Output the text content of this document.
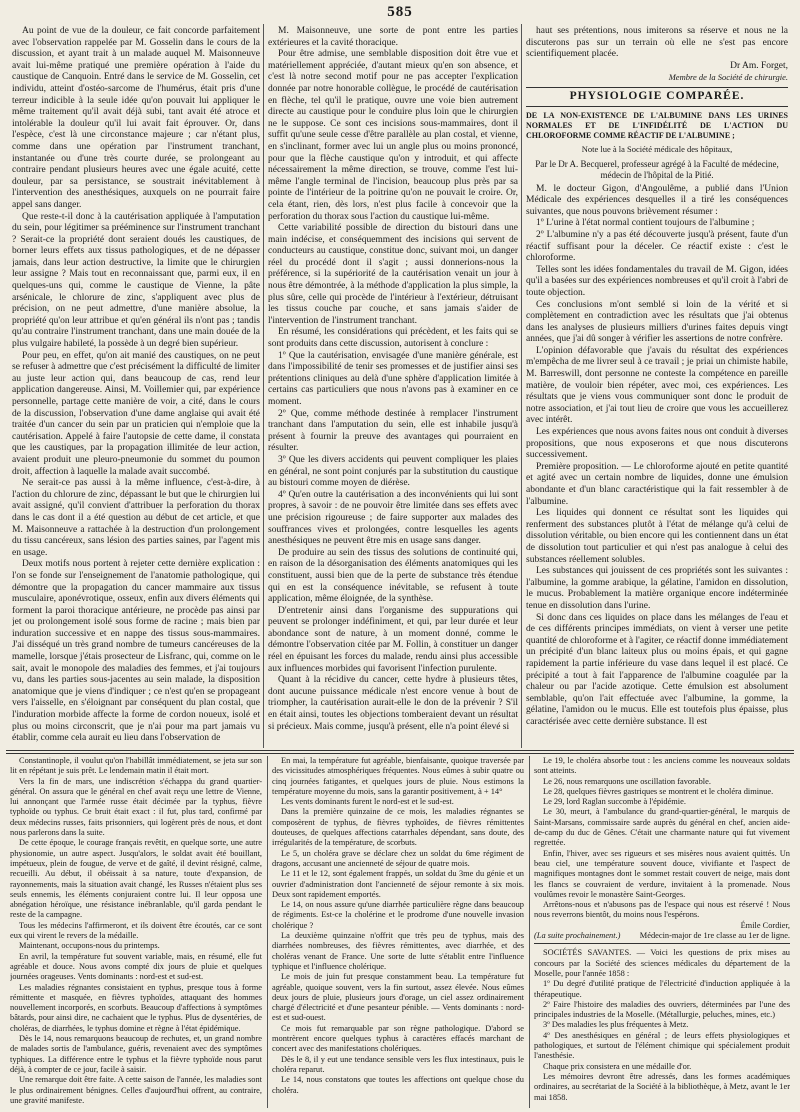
585

Au point de vue de la douleur, ce fait concorde parfaitement avec l'observation rappelée par M. Gosselin dans le cours de la discussion, et ayant trait à un malade auquel M. Maisonneuve avait lui-même pratiqué une première opération à l'aide du caustique de Canquoin. Entré dans le service de M. Gosselin, cet individu, atteint d'ostéo-sarcome de l'humérus, était pris d'une terreur indicible à la seule idée qu'on pouvait lui appliquer le même traitement qu'il avait déjà subi, tant avait été atroce et intolérable la douleur qu'il lui avait fait éprouver. Or, dans l'espèce, c'est là une circonstance majeure ; car n'étant plus, comme dans une opération par l'instrument tranchant, instantanée ou d'une très courte durée, se prolongeant au contraire pendant plusieurs heures avec une égale acuité, cette douleur, par sa persistance, se soustrait inévitablement à l'intervention des anesthésiques, auxquels on ne pourrait faire appel sans danger.

Que reste-t-il donc à la cautérisation appliquée à l'amputation du sein, pour légitimer sa prééminence sur l'instrument tranchant ? Serait-ce la propriété dont seraient doués les caustiques, de borner leurs effets aux tissus pathologiques, et de ne dépasser jamais, dans leur action destructive, la limite que le chirurgien leur assigne ? Mais tout en reconnaissant que, parmi eux, il en quelques-uns qui, comme le caustique de Vienne, la pâte arsénicale, le chlorure de zinc, s'appliquent avec plus de précision, on ne peut admettre, d'une manière absolue, la propriété qu'on leur attribue et qu'en général ils n'ont pas ; tandis qu'au contraire l'instrument tranchant, dans une main douée de la plus vulgaire habileté, la possède à un degré bien supérieur.

Pour peu, en effet, qu'on ait manié des caustiques, on ne peut se refuser à admettre que c'est précisément la difficulté de limiter au juste leur action qui, dans beaucoup de cas, rend leur application dangereuse. Ainsi, M. Voillemier qui, par expérience personnelle, partage cette manière de voir, a cité, dans le cours de la discussion, l'observation d'une dame anglaise qui avait été traitée d'un cancer du sein par un praticien qui n'emploie que la cautérisation. Appelé à faire l'autopsie de cette dame, il constata que les caustiques, par la propagation illimitée de leur action, avaient produit une pleuro-pneumonie du sommet du poumon droit, affection à laquelle la malade avait succombé.

Ne serait-ce pas aussi à la même influence, c'est-à-dire, à l'action du chlorure de zinc, dépassant le but que le chirurgien lui avait assigné, qu'il convient d'attribuer la perforation du thorax dans le cas dont il a été question au début de cet article, et que M. Maisonneuve a rattachée à la destruction d'un prolongement du tissu cancéreux, sans lésion des parties saines, par l'agent mis en usage.

Deux motifs nous portent à rejeter cette dernière explication : l'on se fonde sur l'enseignement de l'anatomie pathologique, qui démontre que la propagation du cancer mammaire aux tissus musculaire, aponévrotique, osseux, enfin aux divers éléments qui forment la paroi thoracique antérieure, ne procède pas ainsi par jet ou prolongement isolé sous forme de racine ; mais bien par induration successive et en nappe des tissus sous-mammaires. J'ai disséqué un très grand nombre de tumeurs cancéreuses de la mamelle, lorsque j'étais prosecteur de Lisfranc, qui, comme on le sait, avait le monopole des maladies des femmes, et j'ai toujours vu, dans les parties sous-jacentes au sein malade, la disposition anatomique que je viens d'indiquer ; ce n'est qu'en se propageant vers l'aisselle, en s'éloignant par conséquent du plan costal, que l'induration morbide affecte la forme de cordon noueux, isolé et plus ou moins circonscrit, que je n'ai pour ma part jamais vu établir, comme cela aurait eu lieu dans l'observation de

M. Maisonneuve, une sorte de pont entre les parties extérieures et la cavité thoracique.

Pour être admise, une semblable disposition doit être vue et matériellement appréciée, d'autant mieux qu'en son absence, et c'est là notre second motif pour ne pas accepter l'explication donnée par notre honorable collègue, le procédé de cautérisation en flèche, tel qu'il le pratique, ouvre une voie bien autrement directe au caustique pour le conduire plus loin que le chirurgien ne le suppose. Ce sont ces incisions sous-mammaires, dont il suffit qu'une seule cesse d'être parallèle au plan costal, et vienne, en s'inclinant, former avec lui un angle plus ou moins prononcé, pour que la flèche caustique qu'on y introduit, et qui affecte nécessairement la même direction, se trouve, comme l'est lui-même l'angle terminal de l'incision, beaucoup plus près par sa pointe de l'intérieur de la poitrine qu'on ne pouvait le croire. Or, cela étant, rien, dès lors, n'est plus facile à concevoir que la perforation du thorax sous l'action du caustique lui-même.

Cette variabilité possible de direction du bistouri dans une main indécise, et conséquemment des incisions qui servent de conducteurs au caustique, constitue donc, suivant moi, un danger réel du procédé dont il s'agit ; aussi donnerions-nous la préférence, si la supériorité de la cautérisation venait un jour à nous être démontrée, à la méthode d'application la plus simple, la plus sûre, celle qui procède de l'intérieur à l'extérieur, détruisant les tissus couche par couche, et sans jamais s'aider de l'intervention de l'instrument tranchant.

En résumé, les considérations qui précèdent, et les faits qui se sont produits dans cette discussion, autorisent à conclure :

1º Que la cautérisation, envisagée d'une manière générale, est dans l'impossibilité de tenir ses promesses et de justifier ainsi ses prétentions cliniques au delà d'une sphère d'application limitée à certains cas particuliers que nous n'avons pas à examiner en ce moment.

2º Que, comme méthode destinée à remplacer l'instrument tranchant dans l'amputation du sein, elle est inhabile jusqu'à présent à fournir la preuve des avantages qui pourraient en résulter.

3º Que les divers accidents qui peuvent compliquer les plaies en général, ne sont point conjurés par la substitution du caustique au bistouri comme moyen de diérèse.

4º Qu'en outre la cautérisation a des inconvénients qui lui sont propres, à savoir : de ne pouvoir être limitée dans ses effets avec une précision rigoureuse ; de faire supporter aux malades des souffrances vives et prolongées, contre lesquelles les agents anesthésiques ne peuvent être mis en usage sans danger.

De produire au sein des tissus des solutions de continuité qui, en raison de la désorganisation des éléments anatomiques qui les constituent, aussi bien que de la perte de substance très étendue qui en est la conséquence inévitable, se refusent à toute application, même éloignée, de la synthèse.

D'entretenir ainsi dans l'organisme des suppurations qui peuvent se prolonger indéfiniment, et qui, par leur durée et leur abondance sont de nature, à un moment donné, comme le démontre l'observation citée par M. Follin, à constituer un danger réel en épuisant les forces du malade, rendu ainsi plus accessible aux influences morbides qui favorisent l'infection purulente.

Quant à la récidive du cancer, cette hydre à plusieurs têtes, dont aucune puissance médicale n'est encore venue à bout de triompher, la cautérisation aurait-elle le don de la prévenir ? S'il en était ainsi, toutes les objections tomberaient devant un résultat si précieux. Mais comme, jusqu'à présent, elle n'a point élevé si

haut ses prétentions, nous imiterons sa réserve et nous ne la discuterons pas sur un terrain où elle ne s'est pas encore scientifiquement placée.

Dr Am. Forget,
Membre de la Société de chirurgie.
PHYSIOLOGIE COMPARÉE.
DE LA NON-EXISTENCE DE L'ALBUMINE DANS LES URINES NORMALES ET DE L'INFIDÉLITÉ DE L'ACTION DU CHLOROFORME COMME RÉACTIF DE L'ALBUMINE ;
Note lue à la Société médicale des hôpitaux,
Par le Dr A. Becquerel, professeur agrégé à la Faculté de médecine, médecin de l'hôpital de la Pitié.

M. le docteur Gigon, d'Angoulême, a publié dans l'Union Médicale des expériences desquelles il a tiré les conséquences suivantes, que nous pouvons brièvement résumer :

1º L'urine à l'état normal contient toujours de l'albumine ;

2º L'albumine n'y a pas été découverte jusqu'à présent, faute d'un réactif suffisant pour la déceler. Ce réactif existe : c'est le chloroforme.

Telles sont les idées fondamentales du travail de M. Gigon, idées qu'il a basées sur des expériences nombreuses et qu'il croit à l'abri de toute objection.

Ces conclusions m'ont semblé si loin de la vérité et si complètement en contradiction avec les résultats que j'ai obtenus dans les analyses de plusieurs milliers d'urines faites depuis vingt années, que j'ai dû songer à vérifier les assertions de notre confrère.

L'opinion défavorable que j'avais du résultat des expériences m'empêcha de me livrer seul à ce travail ; je priai un chimiste habile, M. Barreswill, dont personne ne conteste la compétence en pareille matière, de vouloir bien répéter, avec moi, ces expériences. Les résultats que je viens vous communiquer sont donc le produit de notre association, et j'ai tout lieu de croire que vous les accueillerez avec intérêt.

Les expériences que nous avons faites nous ont conduit à diverses propositions, que nous exposerons et que nous discuterons successivement.

Première proposition. — Le chloroforme ajouté en petite quantité et agité avec un certain nombre de liquides, donne une émulsion abondante et d'un blanc caractéristique qui la fait ressembler à de l'albumine.

Les liquides qui donnent ce résultat sont les liquides qui renferment des substances plutôt à l'état de mélange qu'à celui de dissolution véritable, ou bien encore qui les contiennent dans un état de dissolution tout particulier et qui n'est pas analogue à celui des substances réellement solubles.

Les substances qui jouissent de ces propriétés sont les suivantes : l'albumine, la gomme arabique, la gélatine, l'amidon en dissolution, le mucus. Probablement la matière organique encore indéterminée tenue en dissolution dans l'urine.

Si donc dans ces liquides on place dans les mélanges de l'eau et de ces différents principes immédiats, on vient à verser une petite quantité de chloroforme et à l'agiter, ce réactif donne immédiatement un précipité d'un blanc laiteux plus ou moins épais, et qui gagne rapidement la partie inférieure du vase dans lequel il est placé. Ce précipité a tout à fait l'apparence de l'albumine coagulée par la chaleur ou par l'acide azotique. Cette émulsion est absolument semblable, qu'on l'ait effectuée avec l'albumine, la gomme, la gélatine, l'amidon ou le mucus. Elle est toutefois plus épaisse, plus caractérisée avec cette dernière substance. Il est

Constantinople, il voulut qu'on l'habillât immédiatement, se jeta sur son lit en répétant je suis prêt. Le lendemain matin il était mort.

Vers la fin de mars, une indiscrétion s'échappa du grand quartier-général. On assura que le général en chef avait reçu une lettre de Vienne, lui annonçant que l'armée russe était décimée par la typhus, fièvre typhoïde ou typhus. Ce bruit était exact : il fut, plus tard, confirmé par deux médecins russes, faits prisonniers, qui logèrent près de nous, et dont nous parlerons dans la suite.

De cette époque, le courage français revêtit, en quelque sorte, une autre physionomie, un autre aspect. Jusqu'alors, le soldat avait été bouillant, impétueux, plein de fougue, de verve et de gaîté, il devint résigné, calme, recueilli. Au début, il obéissait à sa nature, toute d'expansion, de rayonnements, mais la situation avait changé, les Russes n'étaient plus ses seuls ennemis, les éléments conjuraient contre lui. Il leur opposa une abnégation héroïque, une résistance inébranlable, qu'il garda pendant le reste de la campagne.

Tous les médecins l'affirmeront, et ils doivent être écoutés, car ce sont eux qui virent le revers de la médaille.

Maintenant, occupons-nous du printemps.

En avril, la température fut souvent variable, mais, en résumé, elle fut agréable et douce. Nous avons compté dix jours de pluie et quelques journées orageuses. Vents dominants : nord-est et sud-est.

Les maladies régnantes consistaient en typhus, presque tous à forme rémittente et masquée, en fièvres typhoïdes, attaquant des hommes nouvellement incorporés, en scorbuts. Beaucoup d'affections à symptômes bâtards, pour ainsi dire, ne cachaient que le typhus. Plus de dysentéries, de choléras, de diarrhées, le typhus domine et règne à l'état épidémique.

Dès le 14, nous remarquons beaucoup de rechutes, et, un grand nombre de malades sortis de l'ambulance, guéris, revenaient avec des symptômes typhiques. La différence entre le typhus et la fièvre typhoïde nous parut déjà, à compter de ce jour, facile à saisir.

Une remarque doit être faite. A cette saison de l'année, les maladies sont le plus ordinairement bénignes. Celles d'aujourd'hui offrent, au contraire, une gravité manifeste.

En mai, la température fut agréable, bienfaisante, quoique traversée par des vicissitudes atmosphériques fréquentes. Nous eûmes à subir quatre ou cinq journées fatigantes, et quelques jours de pluie. Nous estimons la température moyenne du mois, sans la garantir positivement, à + 14°

Les vents dominants furent le nord-est et le sud-est.

Dans la première quinzaine de ce mois, les maladies régnantes se composèrent de typhus, de fièvres typhoïdes, de fièvres rémittentes douteuses, de quelques affections catarrhales dépendant, sans doute, des irrégularités de la température, de scorbuts.

Le 5, un choléra grave se déclare chez un soldat du 6me régiment de dragons, accusant une ancienneté de séjour de quatre mois.

Le 11 et le 12, sont également frappés, un soldat du 3me du génie et un ouvrier d'administration dont l'ancienneté de séjour remonte à six mois. Deux sont rapidement emportés.

Le 14, on nous assure qu'une diarrhée particulière règne dans beaucoup de régiments. Est-ce la cholérine et le prodrome d'une nouvelle invasion cholérique ?

La deuxième quinzaine n'offrit que très peu de typhus, mais des diarrhées nombreuses, des fièvres rémittentes, avec diarrhée, et des choléras venant de France. Une sorte de lutte s'établit entre l'influence typhique et l'influence cholérique.

Le mois de juin fut presque constamment beau. La température fut agréable, quoique souvent, vers la fin surtout, assez élevée. Nous eûmes deux jours de pluie, plusieurs jours d'orage, un ciel assez ordinairement chargé d'électricité et d'une pesanteur pénible. — Vents dominants : nord-est et sud-ouest.

Ce mois fut remarquable par son règne pathologique. D'abord se montrèrent encore quelques typhus à caractères effacés marchant de concert avec des manifestations cholériques.

Dès le 8, il y eut une tendance sensible vers les flux intestinaux, puis le choléra reparut.

Le 14, nous constatons que toutes les affections ont quelque chose du choléra.

Le 19, le choléra absorbe tout : les anciens comme les nouveaux soldats sont atteints.

Le 26, nous remarquons une oscillation favorable.

Le 28, quelques fièvres gastriques se montrent et le choléra diminue.

Le 29, lord Raglan succombe à l'épidémie.

Le 30, meurt, à l'ambulance du grand-quartier-général, le marquis de Saint-Marsans, commissaire sarde auprès du général en chef, ancien aide-de-camp du duc de Gênes. C'était une charmante nature qui fut vivement regrettée.

Enfin, l'hiver, avec ses rigueurs et ses misères nous avaient quittés. Un beau ciel, une température souvent douce, vivifiante et l'aspect de magnifiques montagnes dont le sommet restait couvert de neige, mais dont les flancs se couvraient de verdure, invitaient à la promenade. Nous voulûmes revoir le monastère Saint-Georges.

Arrêtons-nous et n'abusons pas de l'espace qui nous est réservé ! Nous nous reverrons bientôt, du moins nous l'espérons.

Émile Cordier,
(La suite prochainement.) Médecin-major de 1re classe au 1er de ligne.

SOCIÉTÉS SAVANTES. — Voici les questions de prix mises au concours par la Société des sciences médicales du département de la Moselle, pour l'année 1858 :

1º Du degré d'utilité pratique de l'électricité d'induction appliquée à la thérapeutique.

2º Faire l'histoire des maladies des ouvriers, déterminées par l'une des principales industries de la Moselle. (Métallurgie, peluches, mines, etc.)

3º Des maladies les plus fréquentes à Metz.

4º Des anesthésiques en général ; de leurs effets physiologiques et pathologiques, et surtout de l'élément chimique qui spécialement produit l'anesthésie.

Chaque prix consistera en une médaille d'or.

Les mémoires devront être adressés, dans les formes académiques ordinaires, au secrétariat de la Société à la bibliothèque, à Metz, avant le 1er mai 1858.
